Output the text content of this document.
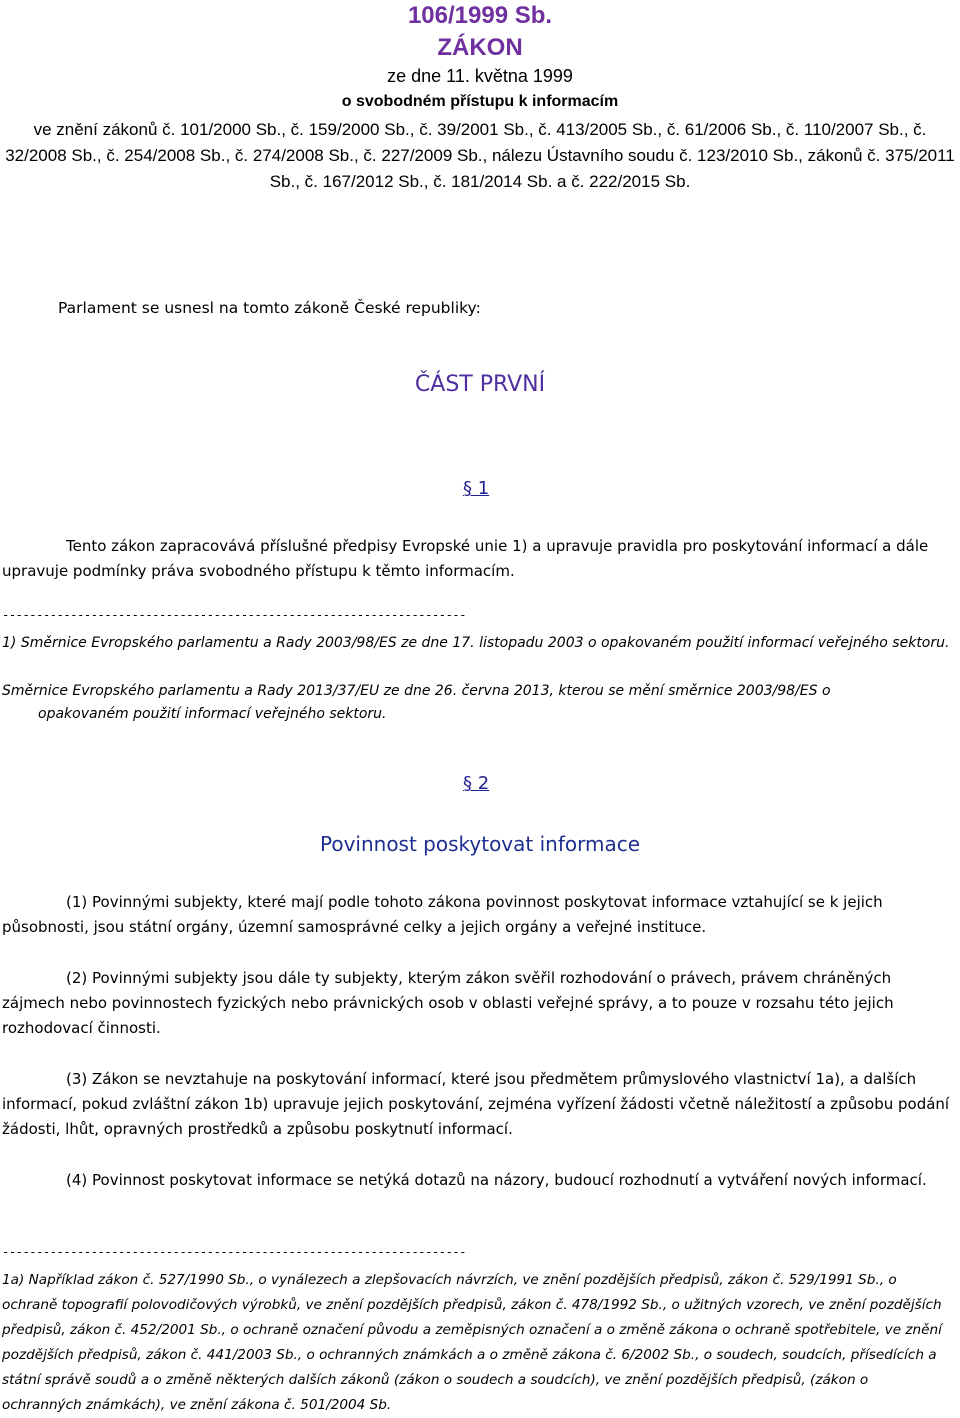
106/1999 Sb.
ZÁKON
ze dne 11. května 1999
o svobodném přístupu k informacím
ve znění zákonů č. 101/2000 Sb., č. 159/2000 Sb., č. 39/2001 Sb., č. 413/2005 Sb., č. 61/2006 Sb., č. 110/2007 Sb., č. 32/2008 Sb., č. 254/2008 Sb., č. 274/2008 Sb., č. 227/2009 Sb., nálezu Ústavního soudu č. 123/2010 Sb., zákonů č. 375/2011 Sb., č. 167/2012 Sb., č. 181/2014 Sb. a č. 222/2015 Sb.
Parlament se usnesl na tomto zákoně České republiky:
ČÁST PRVNÍ
§ 1
Tento zákon zapracovává příslušné předpisy Evropské unie 1) a upravuje pravidla pro poskytování informací a dále upravuje podmínky práva svobodného přístupu k těmto informacím.
--------------------------------------------------------------------
1) Směrnice Evropského parlamentu a Rady 2003/98/ES ze dne 17. listopadu 2003 o opakovaném použití informací veřejného sektoru.
Směrnice Evropského parlamentu a Rady 2013/37/EU ze dne 26. června 2013, kterou se mění směrnice 2003/98/ES o
opakovaném použití informací veřejného sektoru.
§ 2
Povinnost poskytovat informace
(1) Povinnými subjekty, které mají podle tohoto zákona povinnost poskytovat informace vztahující se k jejich působnosti, jsou státní orgány, územní samosprávné celky a jejich orgány a veřejné instituce.
(2) Povinnými subjekty jsou dále ty subjekty, kterým zákon svěřil rozhodování o právech, právem chráněných zájmech nebo povinnostech fyzických nebo právnických osob v oblasti veřejné správy, a to pouze v rozsahu této jejich rozhodovací činnosti.
(3) Zákon se nevztahuje na poskytování informací, které jsou předmětem průmyslového vlastnictví 1a), a dalších informací, pokud zvláštní zákon 1b) upravuje jejich poskytování, zejména vyřízení žádosti včetně náležitostí a způsobu podání žádosti, lhůt, opravných prostředků a způsobu poskytnutí informací.
(4) Povinnost poskytovat informace se netýká dotazů na názory, budoucí rozhodnutí a vytváření nových informací.
--------------------------------------------------------------------
1a) Například zákon č. 527/1990 Sb., o vynálezech a zlepšovacích návrzích, ve znění pozdějších předpisů, zákon č. 529/1991 Sb., o ochraně topografií polovodičových výrobků, ve znění pozdějších předpisů, zákon č. 478/1992 Sb., o užitných vzorech, ve znění pozdějších předpisů, zákon č. 452/2001 Sb., o ochraně označení původu a zeměpisných označení a o změně zákona o ochraně spotřebitele, ve znění pozdějších předpisů, zákon č. 441/2003 Sb., o ochranných známkách a o změně zákona č. 6/2002 Sb., o soudech, soudcích, přísedících a státní správě soudů a o změně některých dalších zákonů (zákon o soudech a soudcích), ve znění pozdějších předpisů, (zákon o ochranných známkách), ve znění zákona č. 501/2004 Sb.
